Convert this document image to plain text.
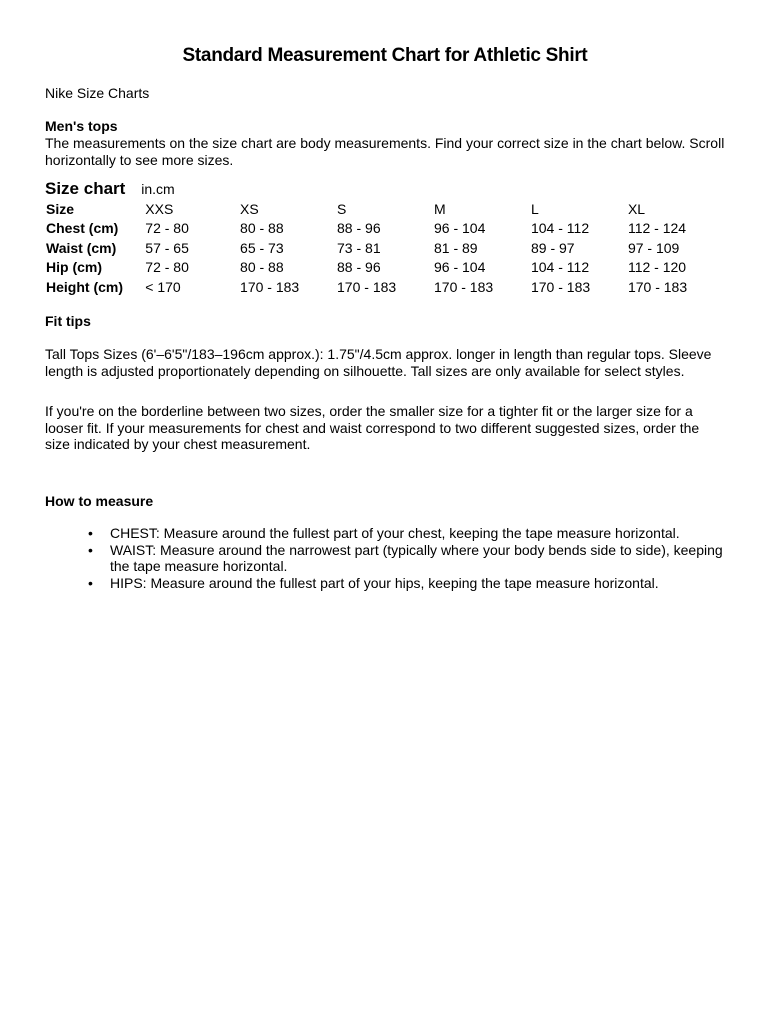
Standard Measurement Chart for Athletic Shirt
Nike Size Charts
Men's tops
The measurements on the size chart are body measurements. Find your correct size in the chart below. Scroll horizontally to see more sizes.
Size chart in.cm
Size	XXS	XS	S	M	L	XL
Chest (cm)	72 - 80	80 - 88	88 - 96	96 - 104	104 - 112	112 - 124
Waist (cm)	57 - 65	65 - 73	73 - 81	81 - 89	89 - 97	97 - 109
Hip (cm)	72 - 80	80 - 88	88 - 96	96 - 104	104 - 112	112 - 120
Height (cm)	< 170	170 - 183	170 - 183	170 - 183	170 - 183	170 - 183
Fit tips
Tall Tops Sizes (6'–6'5"/183–196cm approx.): 1.75"/4.5cm approx. longer in length than regular tops. Sleeve length is adjusted proportionately depending on silhouette. Tall sizes are only available for select styles.
If you're on the borderline between two sizes, order the smaller size for a tighter fit or the larger size for a looser fit. If your measurements for chest and waist correspond to two different suggested sizes, order the size indicated by your chest measurement.
How to measure
• CHEST: Measure around the fullest part of your chest, keeping the tape measure horizontal.
• WAIST: Measure around the narrowest part (typically where your body bends side to side), keeping the tape measure horizontal.
• HIPS: Measure around the fullest part of your hips, keeping the tape measure horizontal.
